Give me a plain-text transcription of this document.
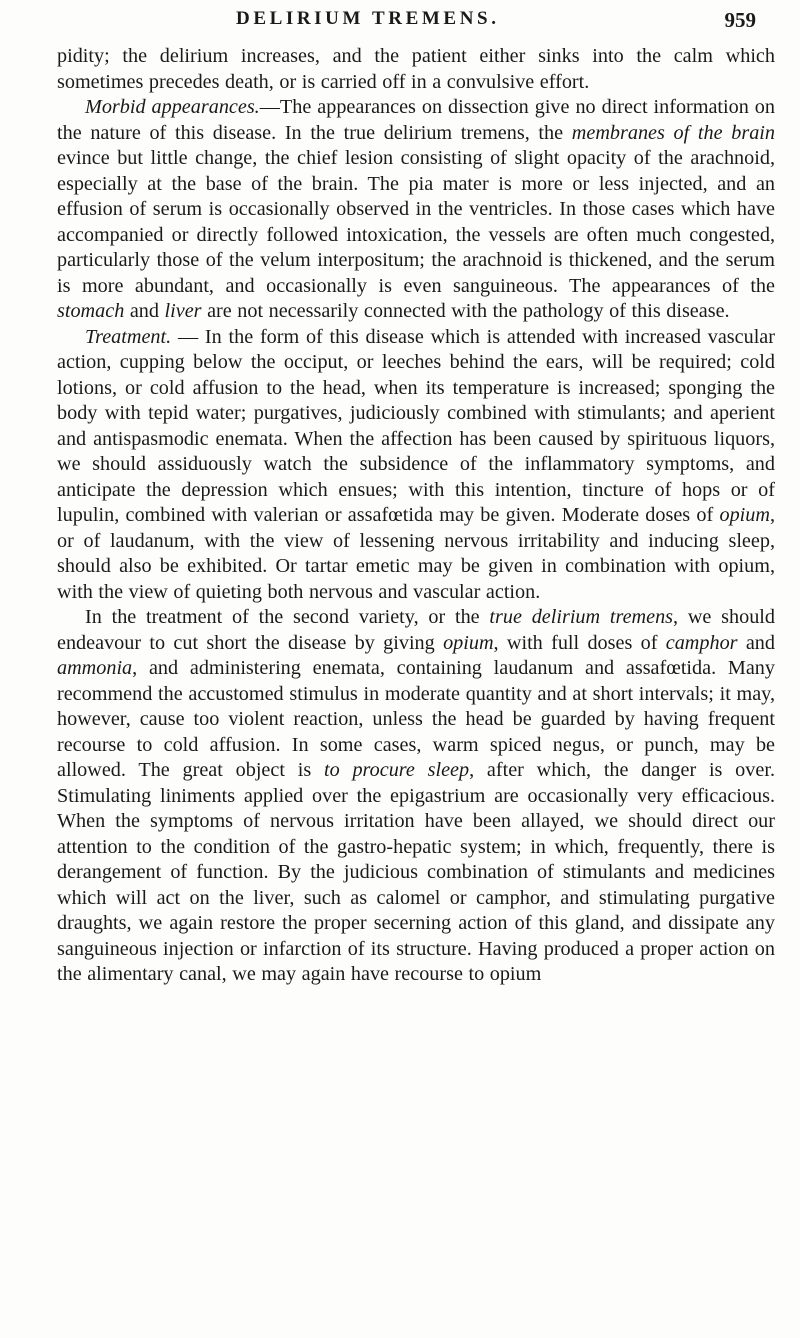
DELIRIUM TREMENS.	959

pidity; the delirium increases, and the patient either sinks into the calm which sometimes precedes death, or is carried off in a convulsive effort.

Morbid appearances.—The appearances on dissection give no direct information on the nature of this disease. In the true delirium tremens, the membranes of the brain evince but little change, the chief lesion consisting of slight opacity of the arachnoid, especially at the base of the brain. The pia mater is more or less injected, and an effusion of serum is occasionally observed in the ventricles. In those cases which have accompanied or directly followed intoxication, the vessels are often much congested, particularly those of the velum interpositum; the arachnoid is thickened, and the serum is more abundant, and occasionally is even sanguineous. The appearances of the stomach and liver are not necessarily connected with the pathology of this disease.

Treatment. — In the form of this disease which is attended with increased vascular action, cupping below the occiput, or leeches behind the ears, will be required; cold lotions, or cold affusion to the head, when its temperature is increased; sponging the body with tepid water; purgatives, judiciously combined with stimulants; and aperient and antispasmodic enemata. When the affection has been caused by spirituous liquors, we should assiduously watch the subsidence of the inflammatory symptoms, and anticipate the depression which ensues; with this intention, tincture of hops or of lupulin, combined with valerian or assafœtida may be given. Moderate doses of opium, or of laudanum, with the view of lessening nervous irritability and inducing sleep, should also be exhibited. Or tartar emetic may be given in combination with opium, with the view of quieting both nervous and vascular action.

In the treatment of the second variety, or the true delirium tremens, we should endeavour to cut short the disease by giving opium, with full doses of camphor and ammonia, and administering enemata, containing laudanum and assafœtida. Many recommend the accustomed stimulus in moderate quantity and at short intervals; it may, however, cause too violent reaction, unless the head be guarded by having frequent recourse to cold affusion. In some cases, warm spiced negus, or punch, may be allowed. The great object is to procure sleep, after which, the danger is over. Stimulating liniments applied over the epigastrium are occasionally very efficacious. When the symptoms of nervous irritation have been allayed, we should direct our attention to the condition of the gastro-hepatic system; in which, frequently, there is derangement of function. By the judicious combination of stimulants and medicines which will act on the liver, such as calomel or camphor, and stimulating purgative draughts, we again restore the proper secerning action of this gland, and dissipate any sanguineous injection or infarction of its structure. Having produced a proper action on the alimentary canal, we may again have recourse to opium
